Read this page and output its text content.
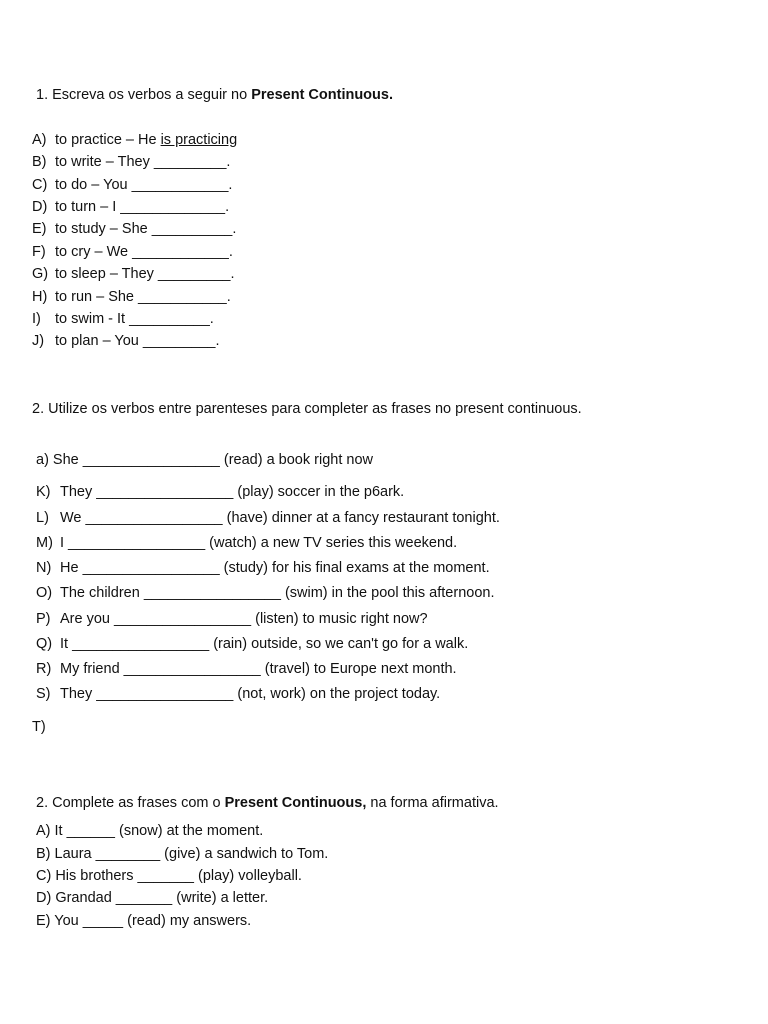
1. Escreva os verbos a seguir no Present Continuous.
A) to practice – He is practicing
B) to write – They _________.
C) to do – You ____________.
D) to turn – I _____________.
E) to study – She __________.
F) to cry – We ____________.
G) to sleep – They _________.
H) to run – She ___________.
I) to swim - It __________.
J) to plan – You _________.
2. Utilize os verbos entre parenteses para completer as frases no present continuous.
a) She _________________ (read) a book right now
K) They _________________ (play) soccer in the p6ark.
L) We _________________ (have) dinner at a fancy restaurant tonight.
M) I _________________ (watch) a new TV series this weekend.
N) He _________________ (study) for his final exams at the moment.
O) The children _________________ (swim) in the pool this afternoon.
P) Are you _________________ (listen) to music right now?
Q) It _________________ (rain) outside, so we can't go for a walk.
R) My friend _________________ (travel) to Europe next month.
S) They _________________ (not, work) on the project today.
T)
2. Complete as frases com o Present Continuous, na forma afirmativa.
A) It ______ (snow) at the moment.
B) Laura ________ (give) a sandwich to Tom.
C) His brothers _______ (play) volleyball.
D) Grandad _______ (write) a letter.
E) You _____ (read) my answers.
